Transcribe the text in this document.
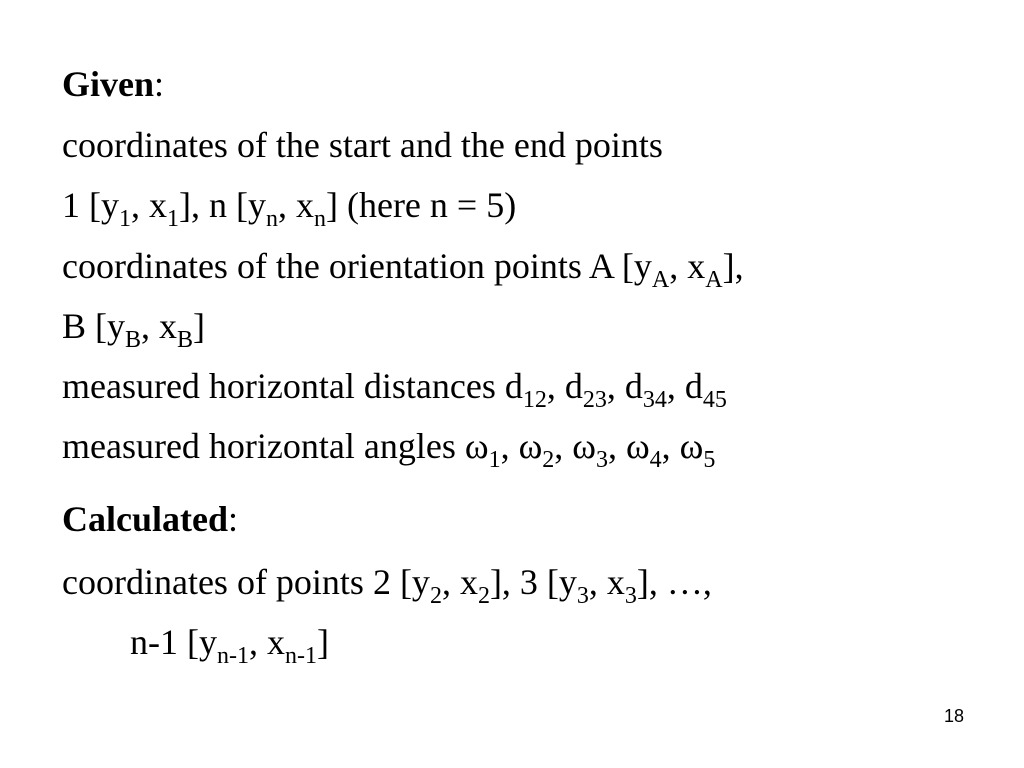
Given:
coordinates of the start and the end points
1 [$y_1$, $x_1$], n [$y_n$, $x_n$] (here n = 5)
coordinates of the orientation points A [$y_A$, $x_A$],
B [$y_B$, $x_B$]
measured horizontal distances $d_{12}$, $d_{23}$, $d_{34}$, $d_{45}$
measured horizontal angles $\omega_1$, $\omega_2$, $\omega_3$, $\omega_4$, $\omega_5$
Calculated:
coordinates of points 2 [$y_2$, $x_2$], 3 [$y_3$, $x_3$], …,
n-1 [$y_{n-1}$, $x_{n-1}$]
18
